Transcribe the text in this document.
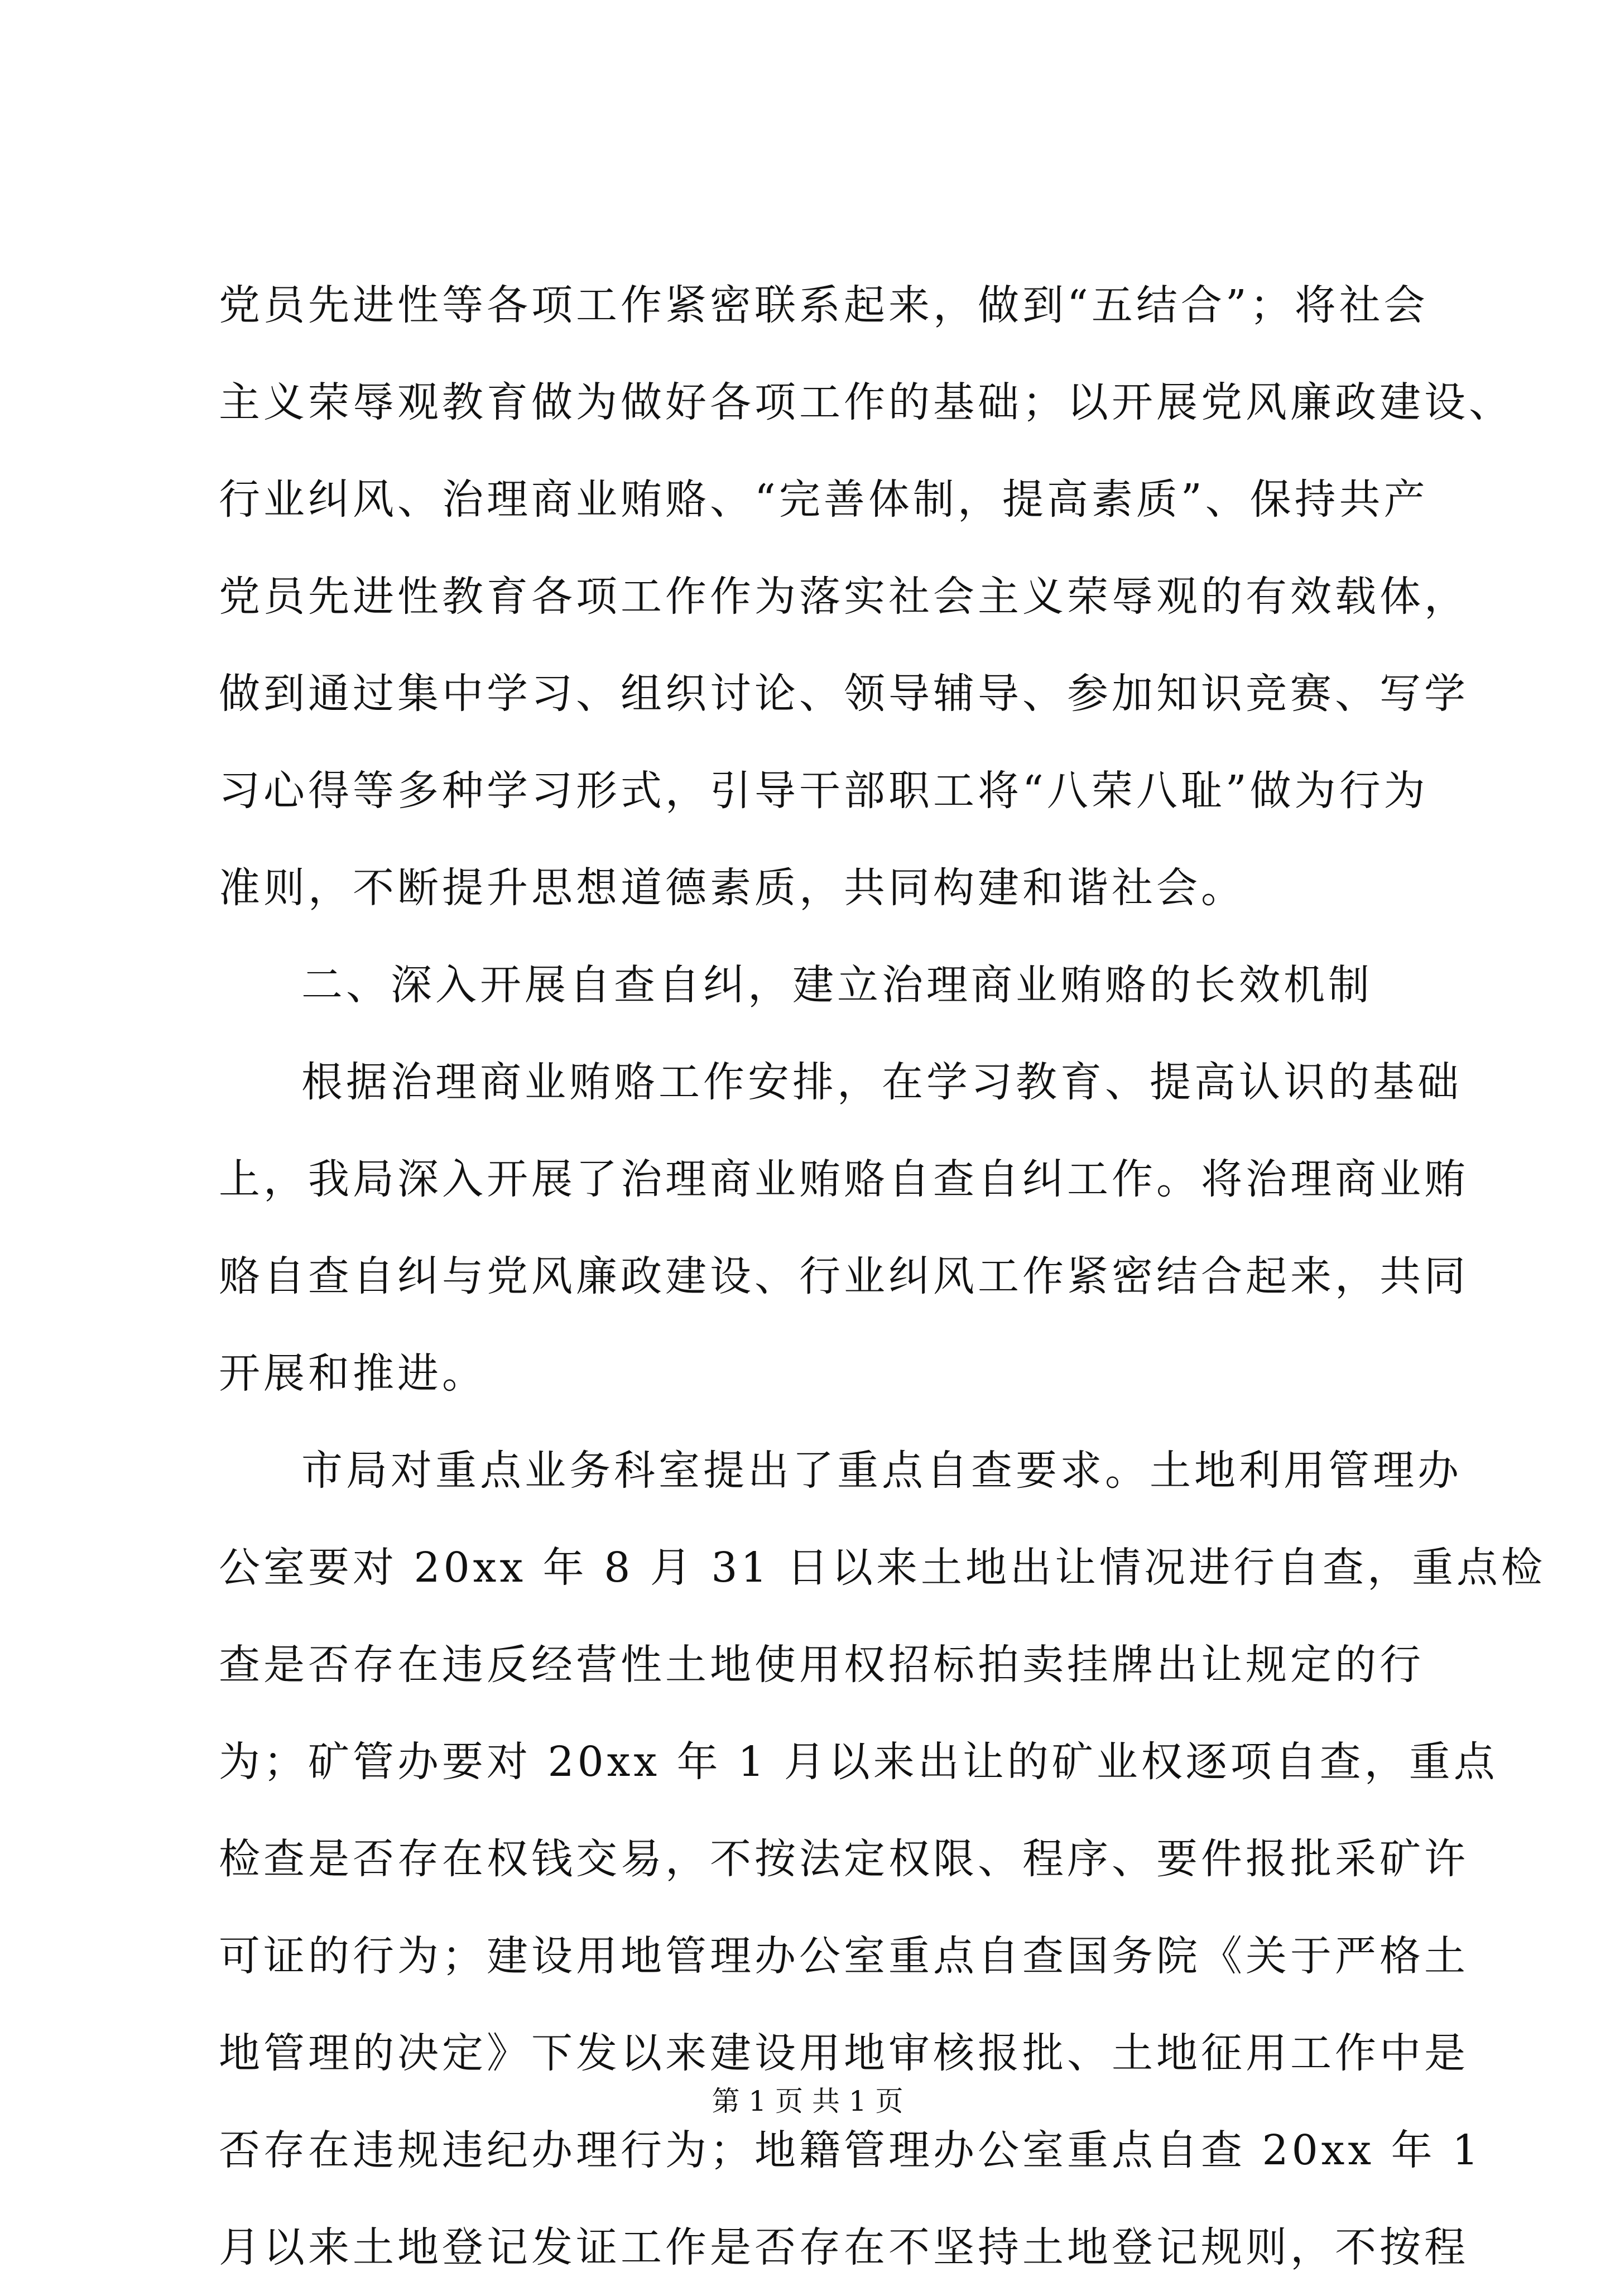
党员先进性等各项工作紧密联系起来，做到“五结合”；将社会
主义荣辱观教育做为做好各项工作的基础；以开展党风廉政建设、
行业纠风、治理商业贿赂、“完善体制，提高素质”、保持共产
党员先进性教育各项工作作为落实社会主义荣辱观的有效载体，
做到通过集中学习、组织讨论、领导辅导、参加知识竞赛、写学
习心得等多种学习形式，引导干部职工将“八荣八耻”做为行为
准则，不断提升思想道德素质，共同构建和谐社会。
二、深入开展自查自纠，建立治理商业贿赂的长效机制
根据治理商业贿赂工作安排，在学习教育、提高认识的基础
上，我局深入开展了治理商业贿赂自查自纠工作。将治理商业贿
赂自查自纠与党风廉政建设、行业纠风工作紧密结合起来，共同
开展和推进。
市局对重点业务科室提出了重点自查要求。土地利用管理办
公室要对 20xx 年 8 月 31 日以来土地出让情况进行自查，重点检
查是否存在违反经营性土地使用权招标拍卖挂牌出让规定的行
为；矿管办要对 20xx 年 1 月以来出让的矿业权逐项自查，重点
检查是否存在权钱交易，不按法定权限、程序、要件报批采矿许
可证的行为；建设用地管理办公室重点自查国务院《关于严格土
地管理的决定》下发以来建设用地审核报批、土地征用工作中是
否存在违规违纪办理行为；地籍管理办公室重点自查 20xx 年 1
月以来土地登记发证工作是否存在不坚持土地登记规则，不按程
第 1 页 共 1 页
